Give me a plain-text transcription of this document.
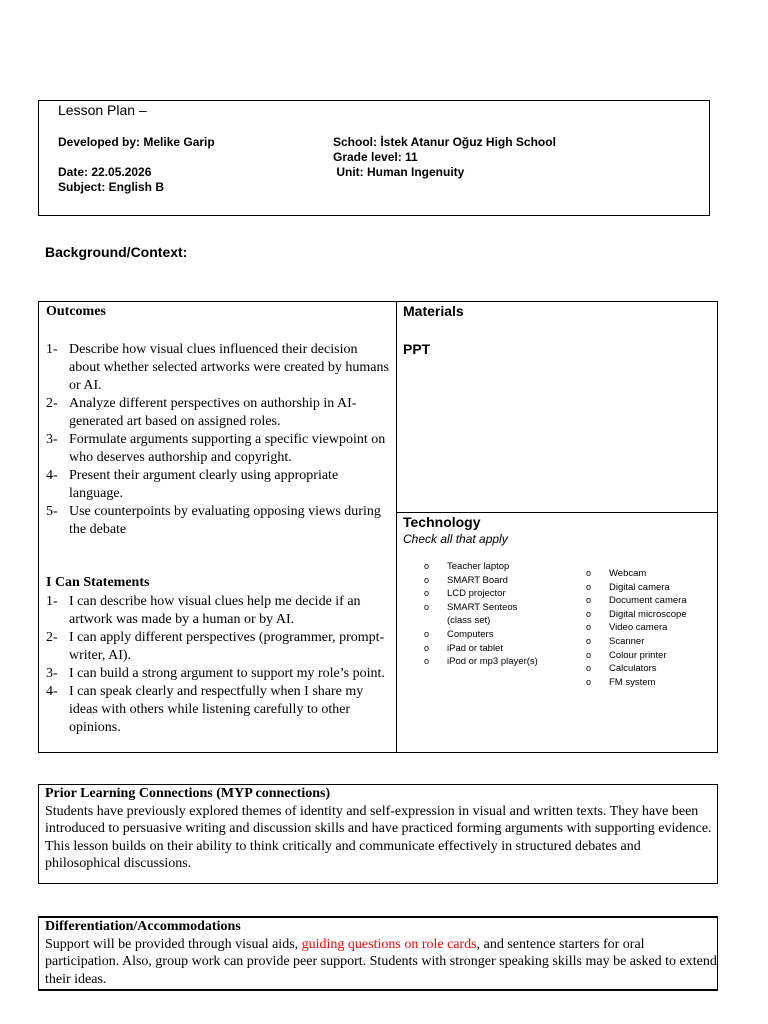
Lesson Plan –
Developed by: Melike Garip
Date: 22.05.2026
Subject: English B
School: İstek Atanur Oğuz High School
Grade level: 11
Unit: Human Ingenuity
Background/Context:
Outcomes
1- Describe how visual clues influenced their decision about whether selected artworks were created by humans or AI.
2- Analyze different perspectives on authorship in AI-generated art based on assigned roles.
3- Formulate arguments supporting a specific viewpoint on who deserves authorship and copyright.
4- Present their argument clearly using appropriate language.
5- Use counterpoints by evaluating opposing views during the debate
I Can Statements
1- I can describe how visual clues help me decide if an artwork was made by a human or by AI.
2- I can apply different perspectives (programmer, prompt-writer, AI).
3- I can build a strong argument to support my role’s point.
4- I can speak clearly and respectfully when I share my ideas with others while listening carefully to other opinions.
Materials
PPT
Technology
Check all that apply
o Teacher laptop
o SMART Board
o LCD projector
o SMART Senteos (class set)
o Computers
o iPad or tablet
o iPod or mp3 player(s)
o Webcam
o Digital camera
o Document camera
o Digital microscope
o Video camera
o Scanner
o Colour printer
o Calculators
o FM system
Prior Learning Connections (MYP connections)
Students have previously explored themes of identity and self-expression in visual and written texts. They have been introduced to persuasive writing and discussion skills and have practiced forming arguments with supporting evidence. This lesson builds on their ability to think critically and communicate effectively in structured debates and philosophical discussions.
Differentiation/Accommodations
Support will be provided through visual aids, guiding questions on role cards, and sentence starters for oral participation. Also, group work can provide peer support. Students with stronger speaking skills may be asked to extend their ideas.
